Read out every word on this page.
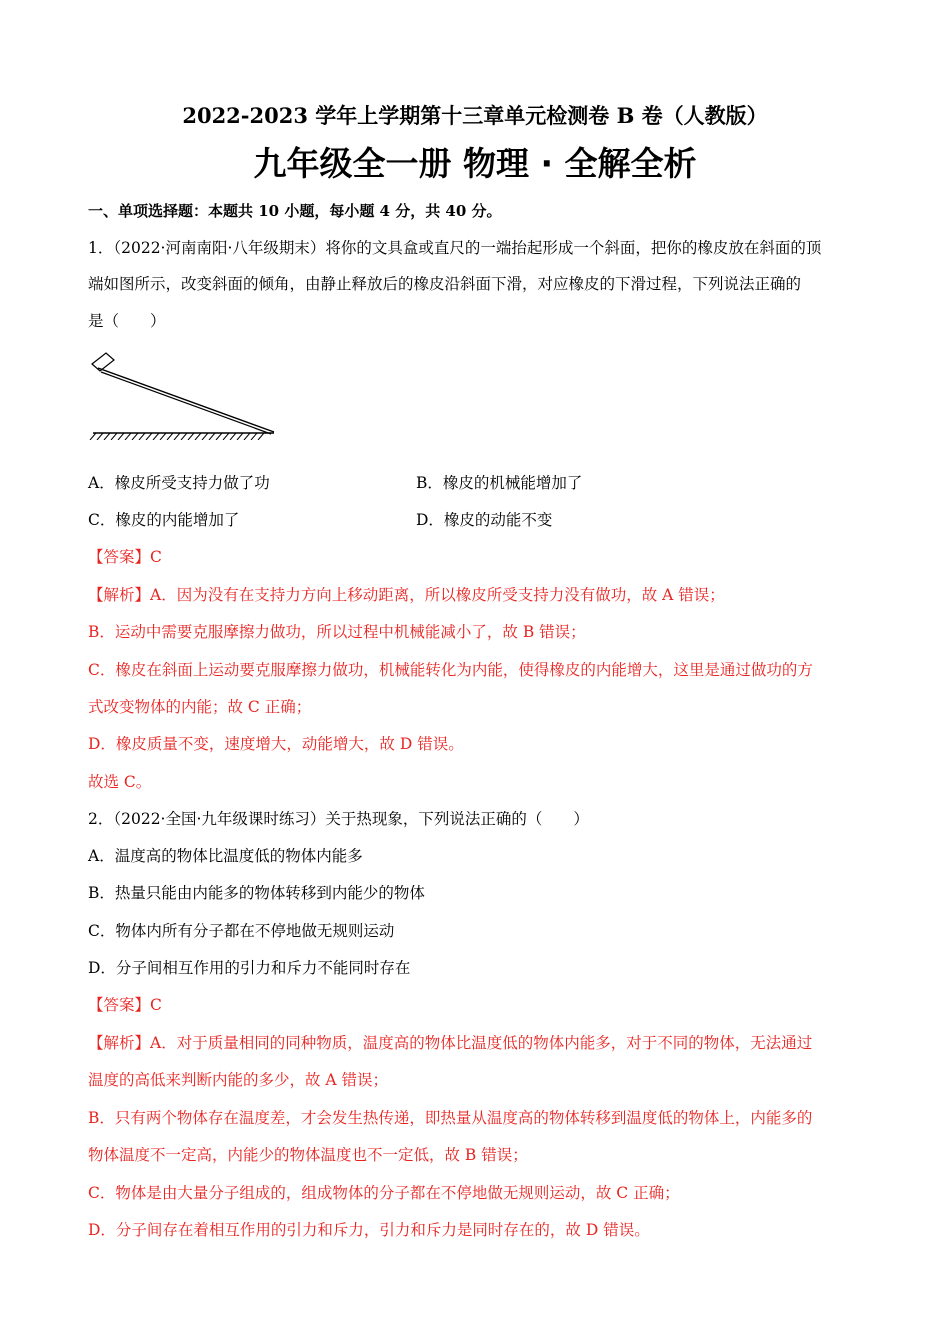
2022-2023 学年上学期第十三章单元检测卷 B 卷（人教版）
九年级全一册 物理 · 全解全析
一、单项选择题：本题共 10 小题，每小题 4 分，共 40 分。
1．（2022·河南南阳·八年级期末）将你的文具盒或直尺的一端抬起形成一个斜面，把你的橡皮放在斜面的顶
端如图所示，改变斜面的倾角，由静止释放后的橡皮沿斜面下滑，对应橡皮的下滑过程，下列说法正确的
是（　　）
A．橡皮所受支持力做了功	B．橡皮的机械能增加了
C．橡皮的内能增加了	D．橡皮的动能不变
【答案】C
【解析】A．因为没有在支持力方向上移动距离，所以橡皮所受支持力没有做功，故 A 错误；
B．运动中需要克服摩擦力做功，所以过程中机械能减小了，故 B 错误；
C．橡皮在斜面上运动要克服摩擦力做功，机械能转化为内能，使得橡皮的内能增大，这里是通过做功的方
式改变物体的内能；故 C 正确；
D．橡皮质量不变，速度增大，动能增大，故 D 错误。
故选 C。
2．（2022·全国·九年级课时练习）关于热现象，下列说法正确的（　　）
A．温度高的物体比温度低的物体内能多
B．热量只能由内能多的物体转移到内能少的物体
C．物体内所有分子都在不停地做无规则运动
D．分子间相互作用的引力和斥力不能同时存在
【答案】C
【解析】A．对于质量相同的同种物质，温度高的物体比温度低的物体内能多，对于不同的物体，无法通过
温度的高低来判断内能的多少，故 A 错误；
B．只有两个物体存在温度差，才会发生热传递，即热量从温度高的物体转移到温度低的物体上，内能多的
物体温度不一定高，内能少的物体温度也不一定低，故 B 错误；
C．物体是由大量分子组成的，组成物体的分子都在不停地做无规则运动，故 C 正确；
D．分子间存在着相互作用的引力和斥力，引力和斥力是同时存在的，故 D 错误。
